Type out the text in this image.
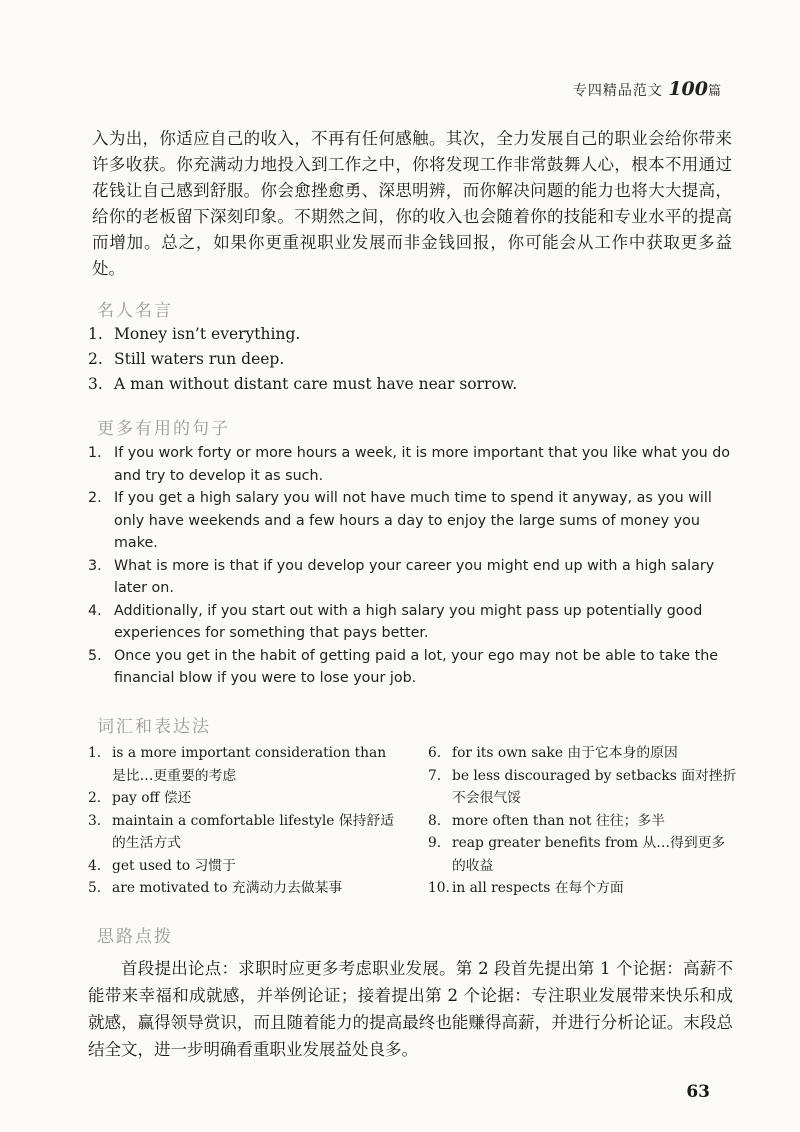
专四精品范文 100篇
入为出，你适应自己的收入，不再有任何感触。其次，全力发展自己的职业会给你带来许多收获。你充满动力地投入到工作之中，你将发现工作非常鼓舞人心，根本不用通过花钱让自己感到舒服。你会愈挫愈勇、深思明辨，而你解决问题的能力也将大大提高，给你的老板留下深刻印象。不期然之间，你的收入也会随着你的技能和专业水平的提高而增加。总之，如果你更重视职业发展而非金钱回报，你可能会从工作中获取更多益处。
名人名言
1. Money isn’t everything.
2. Still waters run deep.
3. A man without distant care must have near sorrow.
更多有用的句子
1. If you work forty or more hours a week, it is more important that you like what you do and try to develop it as such.
2. If you get a high salary you will not have much time to spend it anyway, as you will only have weekends and a few hours a day to enjoy the large sums of money you make.
3. What is more is that if you develop your career you might end up with a high salary later on.
4. Additionally, if you start out with a high salary you might pass up potentially good experiences for something that pays better.
5. Once you get in the habit of getting paid a lot, your ego may not be able to take the financial blow if you were to lose your job.
词汇和表达法
1. is a more important consideration than 是比…更重要的考虑
2. pay off 偿还
3. maintain a comfortable lifestyle 保持舒适的生活方式
4. get used to 习惯于
5. are motivated to 充满动力去做某事
6. for its own sake 由于它本身的原因
7. be less discouraged by setbacks 面对挫折不会很气馁
8. more often than not 往往；多半
9. reap greater benefits from 从…得到更多的收益
10. in all respects 在每个方面
思路点拨
首段提出论点：求职时应更多考虑职业发展。第 2 段首先提出第 1 个论据：高薪不能带来幸福和成就感，并举例论证；接着提出第 2 个论据：专注职业发展带来快乐和成就感，赢得领导赏识，而且随着能力的提高最终也能赚得高薪，并进行分析论证。末段总结全文，进一步明确看重职业发展益处良多。
63
